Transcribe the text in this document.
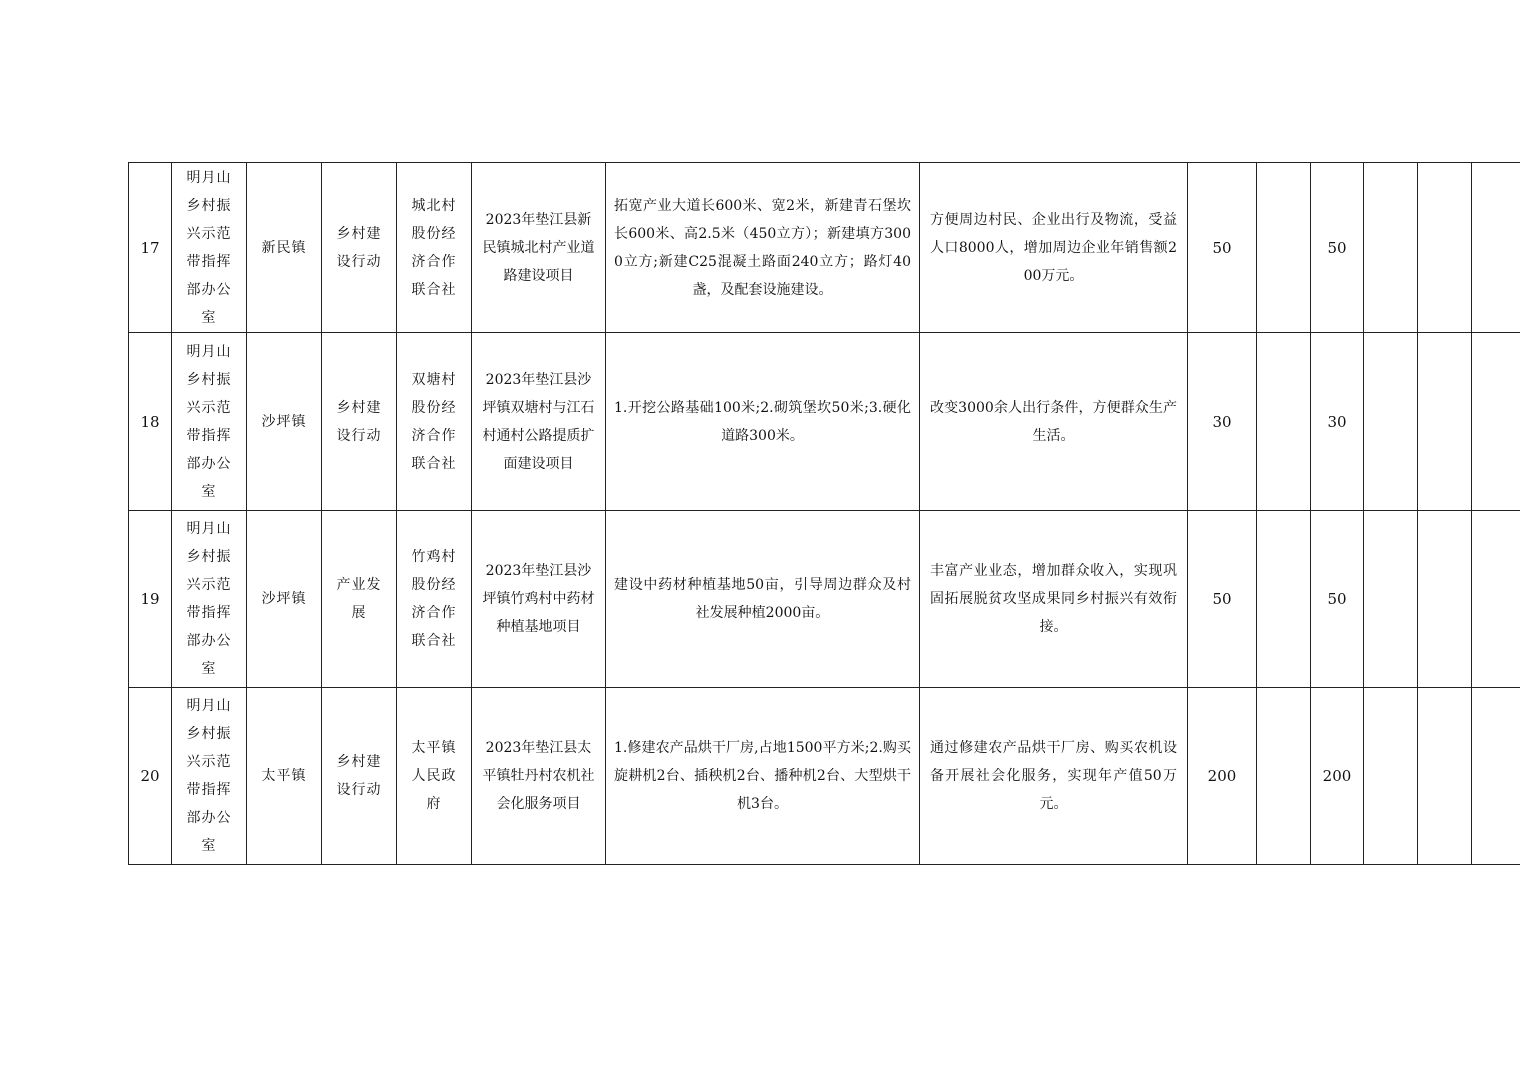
17	明月山乡村振兴示范带指挥部办公室	新民镇	乡村建设行动	城北村股份经济合作联合社	2023年垫江县新民镇城北村产业道路建设项目	拓宽产业大道长600米、宽2米，新建青石堡坎长600米、高2.5米（450立方）；新建填方3000立方;新建C25混凝土路面240立方；路灯40盏，及配套设施建设。	方便周边村民、企业出行及物流，受益人口8000人，增加周边企业年销售额200万元。	50		50			
18	明月山乡村振兴示范带指挥部办公室	沙坪镇	乡村建设行动	双塘村股份经济合作联合社	2023年垫江县沙坪镇双塘村与江石村通村公路提质扩面建设项目	1.开挖公路基础100米;2.砌筑堡坎50米;3.硬化道路300米。	改变3000余人出行条件，方便群众生产生活。	30		30			
19	明月山乡村振兴示范带指挥部办公室	沙坪镇	产业发展	竹鸡村股份经济合作联合社	2023年垫江县沙坪镇竹鸡村中药材种植基地项目	建设中药材种植基地50亩，引导周边群众及村社发展种植2000亩。	丰富产业业态，增加群众收入，实现巩固拓展脱贫攻坚成果同乡村振兴有效衔接。	50		50			
20	明月山乡村振兴示范带指挥部办公室	太平镇	乡村建设行动	太平镇人民政府	2023年垫江县太平镇牡丹村农机社会化服务项目	1.修建农产品烘干厂房,占地1500平方米;2.购买旋耕机2台、插秧机2台、播种机2台、大型烘干机3台。	通过修建农产品烘干厂房、购买农机设备开展社会化服务，实现年产值50万元。	200		200			
